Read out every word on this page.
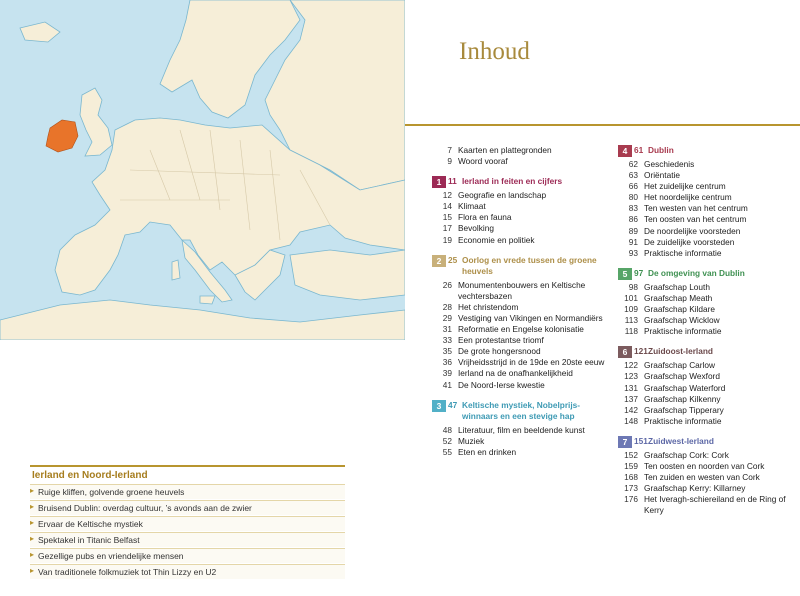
Ierland en Noord-Ierland
▸ Ruige kliffen, golvende groene heuvels
▸ Bruisend Dublin: overdag cultuur, ’s avonds aan de zwier
▸ Ervaar de Keltische mystiek
▸ Spektakel in Titanic Belfast
▸ Gezellige pubs en vriendelijke mensen
▸ Van traditionele folkmuziek tot Thin Lizzy en U2
Inhoud
7 Kaarten en plattegronden
9 Woord vooraf
1 11 Ierland in feiten en cijfers
12 Geografie en landschap
14 Klimaat
15 Flora en fauna
17 Bevolking
19 Economie en politiek
2 25 Oorlog en vrede tussen de groene heuvels
26 Monumentenbouwers en Keltische vechtersbazen
28 Het christendom
29 Vestiging van Vikingen en Normandiërs
31 Reformatie en Engelse kolonisatie
33 Een protestantse triomf
35 De grote hongersnood
36 Vrijheidsstrijd in de 19de en 20ste eeuw
39 Ierland na de onafhankelijkheid
41 De Noord-Ierse kwestie
3 47 Keltische mystiek, Nobelprijswinnaars en een stevige hap
48 Literatuur, film en beeldende kunst
52 Muziek
55 Eten en drinken
4 61 Dublin
62 Geschiedenis
63 Oriëntatie
66 Het zuidelijke centrum
80 Het noordelijke centrum
83 Ten westen van het centrum
86 Ten oosten van het centrum
89 De noordelijke voorsteden
91 De zuidelijke voorsteden
93 Praktische informatie
5 97 De omgeving van Dublin
98 Graafschap Louth
101 Graafschap Meath
109 Graafschap Kildare
113 Graafschap Wicklow
118 Praktische informatie
6 121 Zuidoost-Ierland
122 Graafschap Carlow
123 Graafschap Wexford
131 Graafschap Waterford
137 Graafschap Kilkenny
142 Graafschap Tipperary
148 Praktische informatie
7 151 Zuidwest-Ierland
152 Graafschap Cork: Cork
159 Ten oosten en noorden van Cork
168 Ten zuiden en westen van Cork
173 Graafschap Kerry: Killarney
176 Het Iveragh-schiereiland en de Ring of Kerry
